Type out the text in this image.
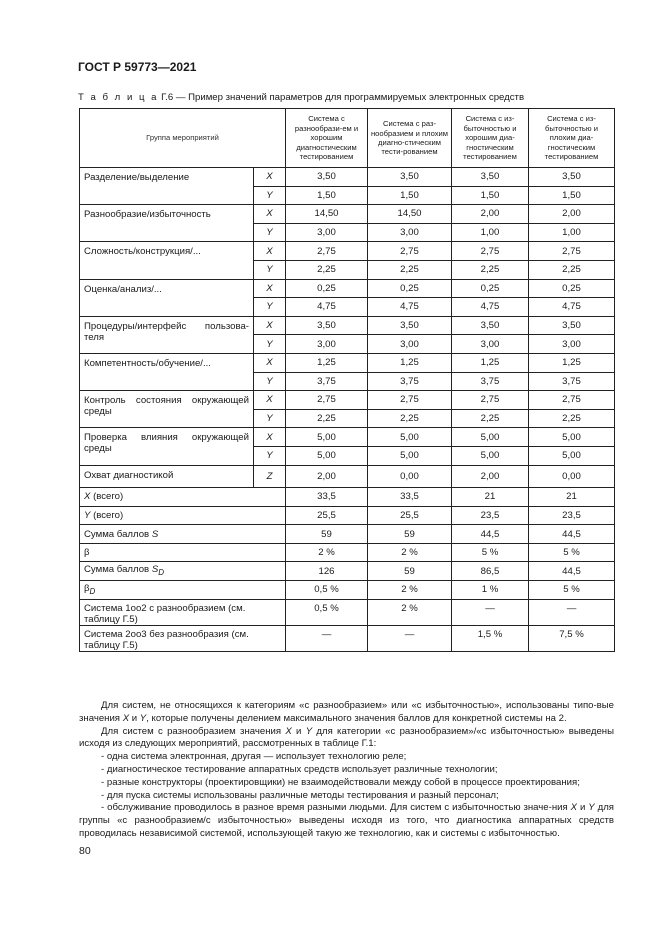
ГОСТ Р 59773—2021
Т а б л и ц а Г.6 — Пример значений параметров для программируемых электронных средств
Группа мероприятий		Система с разнообрази-ем и хорошим диагностическим тестированием	Система с раз-нообразием и плохим диагно-стическим тести-рованием	Система с из-быточностью и хорошим диа-гностическим тестированием	Система с из-быточностью и плохим диа-гностическим тестированием
Разделение/выделение	X	3,50	3,50	3,50	3,50
	Y	1,50	1,50	1,50	1,50
Разнообразие/избыточность	X	14,50	14,50	2,00	2,00
	Y	3,00	3,00	1,00	1,00
Сложность/конструкция/...	X	2,75	2,75	2,75	2,75
	Y	2,25	2,25	2,25	2,25
Оценка/анализ/...	X	0,25	0,25	0,25	0,25
	Y	4,75	4,75	4,75	4,75
Процедуры/интерфейс пользова-теля	X	3,50	3,50	3,50	3,50
	Y	3,00	3,00	3,00	3,00
Компетентность/обучение/...	X	1,25	1,25	1,25	1,25
	Y	3,75	3,75	3,75	3,75
Контроль состояния окружающей среды	X	2,75	2,75	2,75	2,75
	Y	2,25	2,25	2,25	2,25
Проверка влияния окружающей среды	X	5,00	5,00	5,00	5,00
	Y	5,00	5,00	5,00	5,00
Охват диагностикой	Z	2,00	0,00	2,00	0,00
X (всего)		33,5	33,5	21	21
Y (всего)		25,5	25,5	23,5	23,5
Сумма баллов S		59	59	44,5	44,5
β		2 %	2 %	5 %	5 %
Сумма баллов $S_D$		126	59	86,5	44,5
$\beta_D$		0,5 %	2 %	1 %	5 %
Система 1оо2 с разнообразием (см. таблицу Г.5)		0,5 %	2 %	—	—
Система 2оо3 без разнообразия (см. таблицу Г.5)		—	—	1,5 %	7,5 %

Для систем, не относящихся к категориям «с разнообразием» или «с избыточностью», использованы типо-вые значения X и Y, которые получены делением максимального значения баллов для конкретной системы на 2.

Для систем с разнообразием значения X и Y для категории «с разнообразием»/«с избыточностью» выведены исходя из следующих мероприятий, рассмотренных в таблице Г.1:

- одна система электронная, другая — использует технологию реле;

- диагностическое тестирование аппаратных средств использует различные технологии;

- разные конструкторы (проектировщики) не взаимодействовали между собой в процессе проектирования;

- для пуска системы использованы различные методы тестирования и разный персонал;

- обслуживание проводилось в разное время разными людьми. Для систем с избыточностью значе-ния X и Y для группы «с разнообразием/с избыточностью» выведены исходя из того, что диагностика аппаратных средств проводилась независимой системой, использующей такую же технологию, как и системы с избыточностью.

80
